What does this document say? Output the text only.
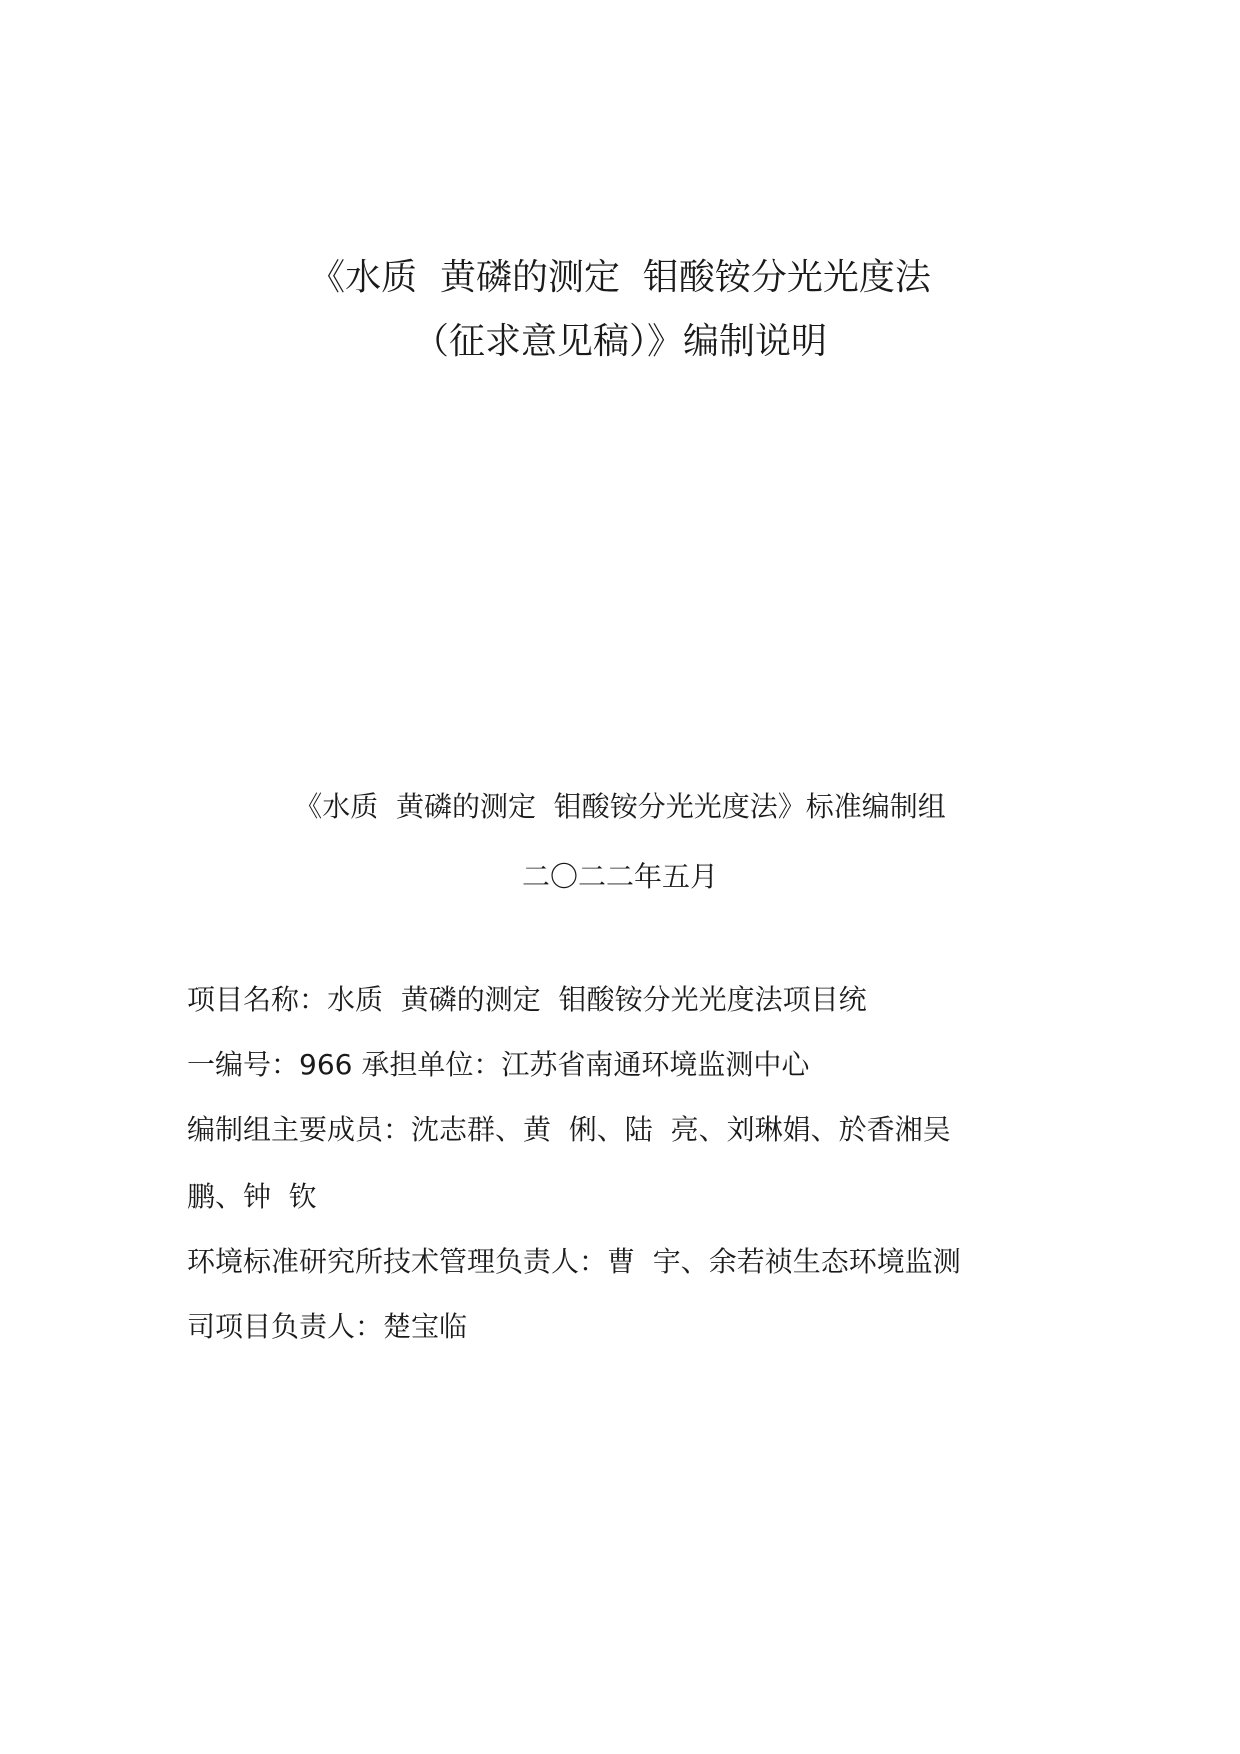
《水质  黄磷的测定  钼酸铵分光光度法
（征求意见稿）》编制说明
《水质  黄磷的测定  钼酸铵分光光度法》标准编制组
二〇二二年五月
项目名称：水质  黄磷的测定  钼酸铵分光光度法项目统
一编号：966 承担单位：江苏省南通环境监测中心
编制组主要成员：沈志群、黄  俐、陆  亮、刘琳娟、於香湘吴
鹏、钟  钦
环境标准研究所技术管理负责人：曹  宇、余若祯生态环境监测
司项目负责人：楚宝临
